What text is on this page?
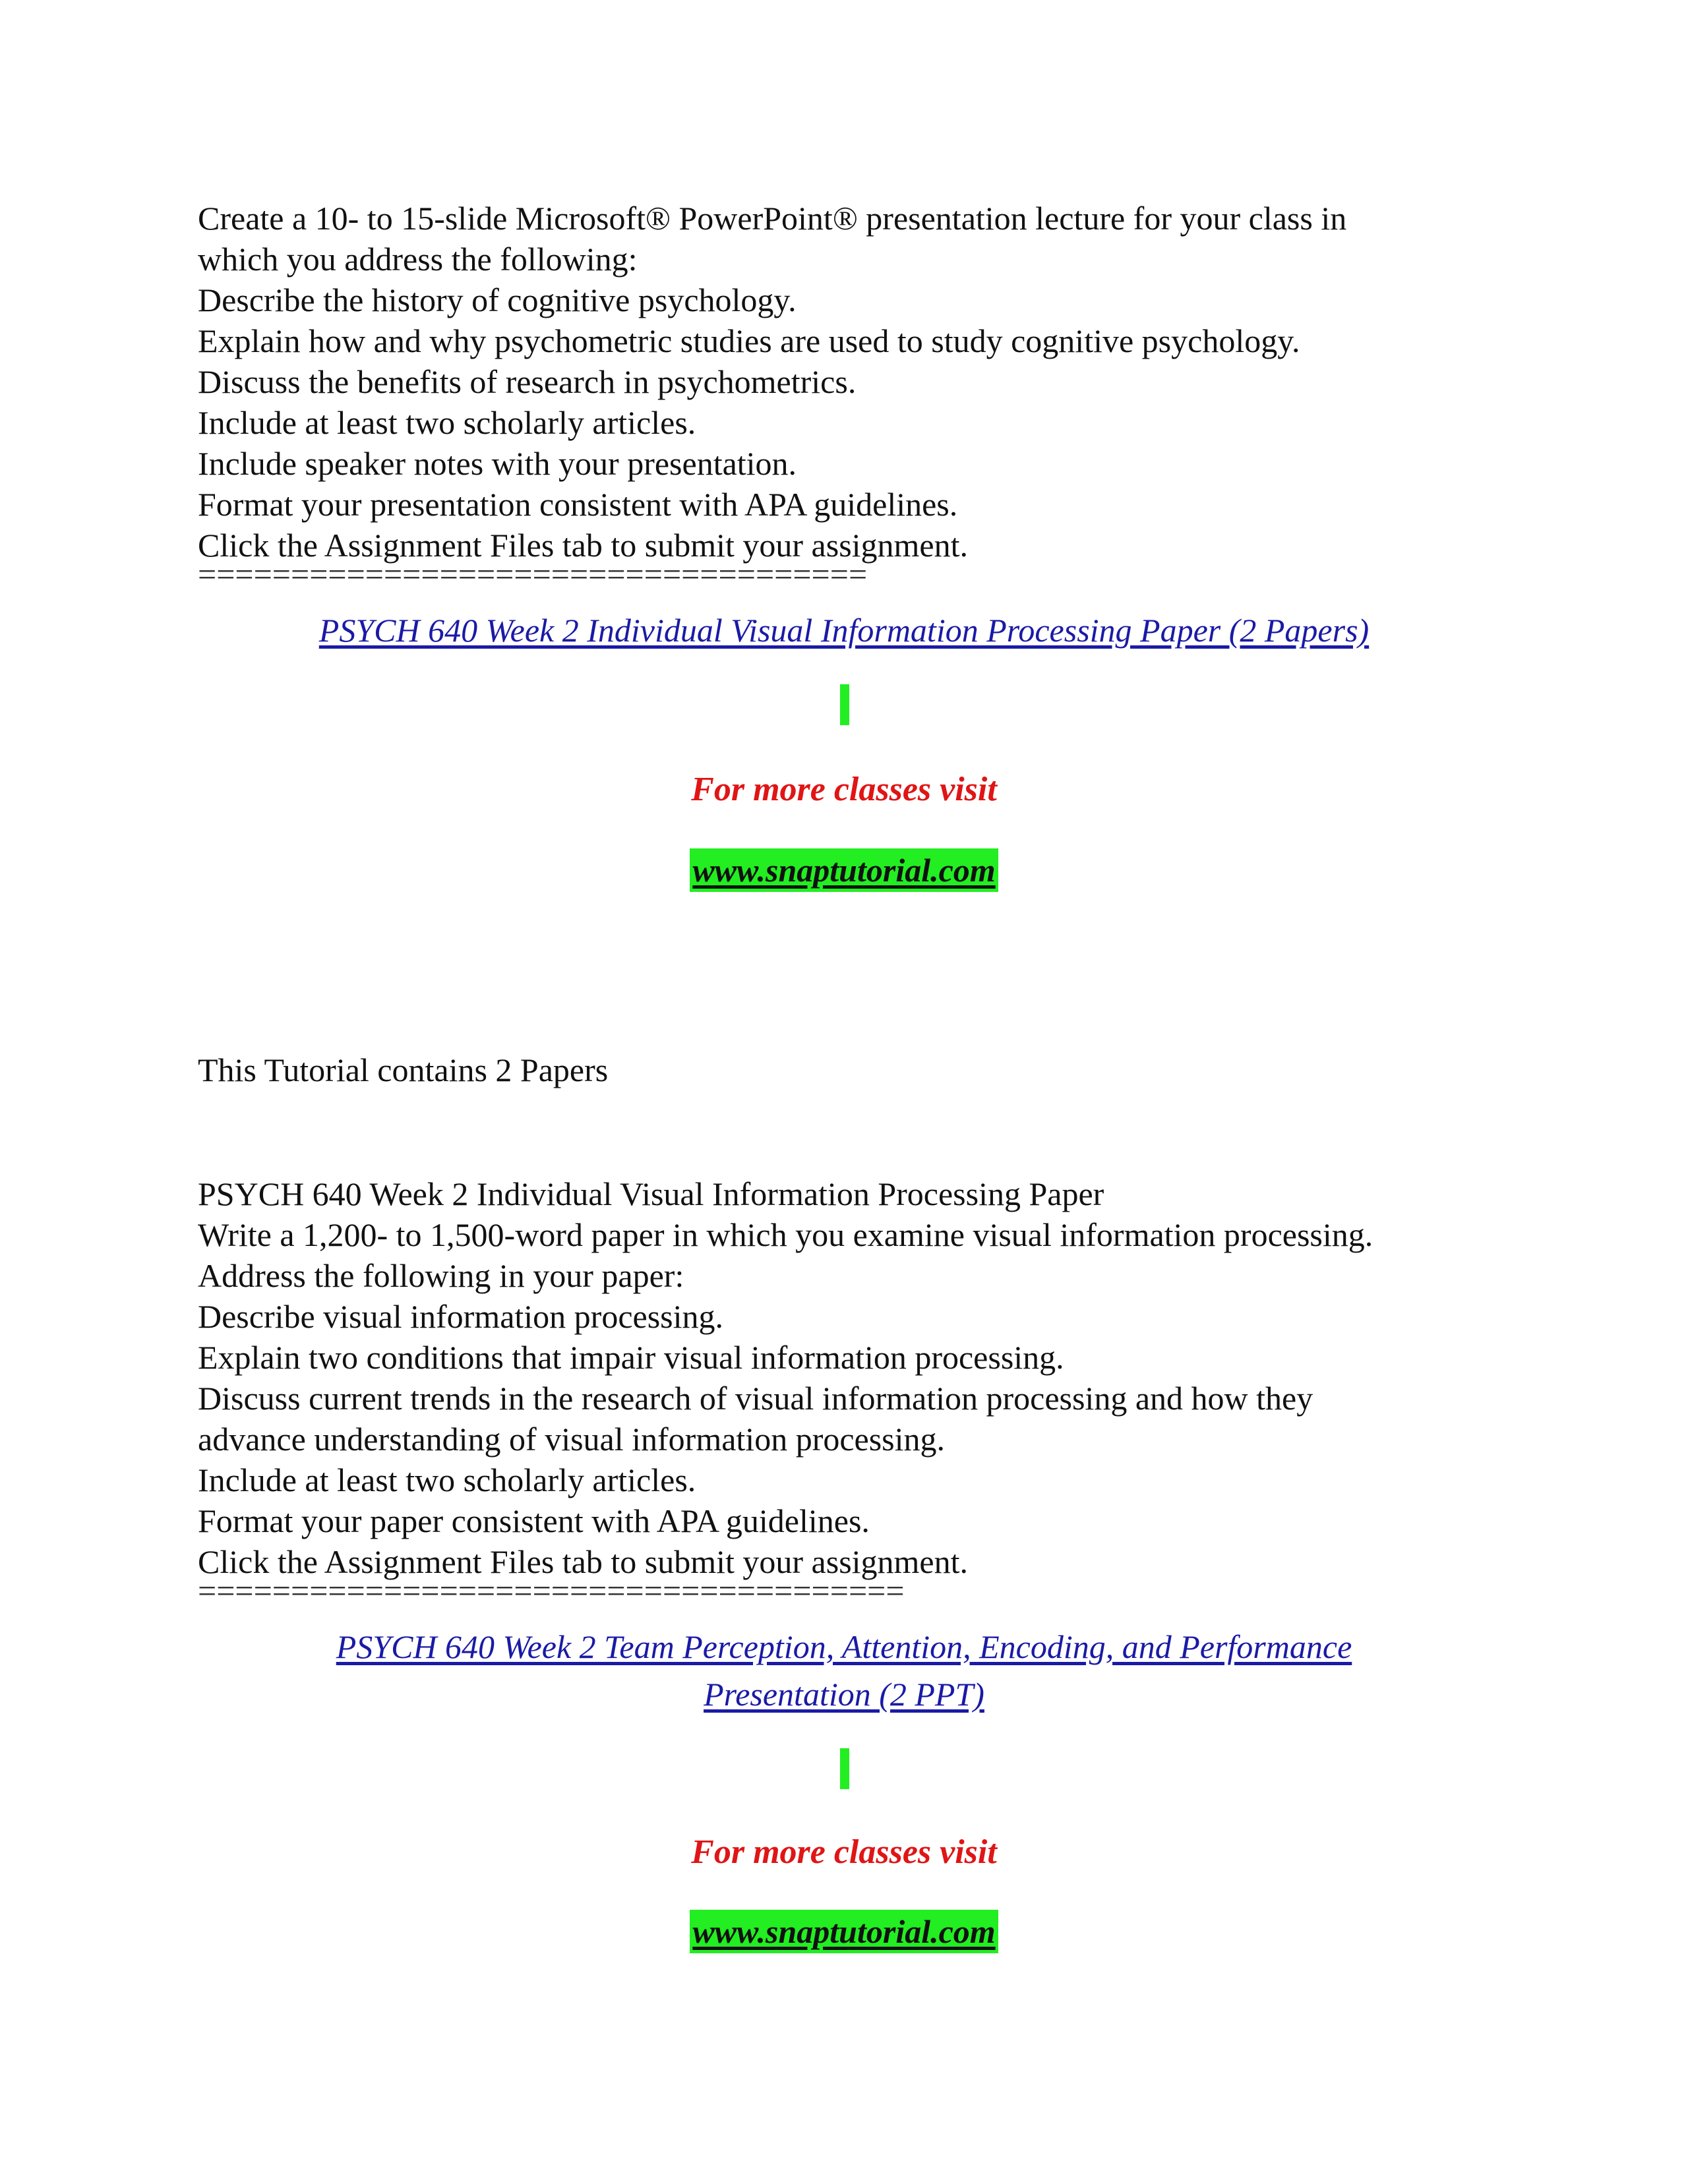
Create a 10- to 15-slide Microsoft® PowerPoint® presentation lecture for your class in
which you address the following:
Describe the history of cognitive psychology.
Explain how and why psychometric studies are used to study cognitive psychology.
Discuss the benefits of research in psychometrics.
Include at least two scholarly articles.
Include speaker notes with your presentation.
Format your presentation consistent with APA guidelines.
Click the Assignment Files tab to submit your assignment.
====================================
PSYCH 640 Week 2 Individual Visual Information Processing Paper (2 Papers)
For more classes visit
www.snaptutorial.com
This Tutorial contains 2 Papers
PSYCH 640 Week 2 Individual Visual Information Processing Paper
Write a 1,200- to 1,500-word paper in which you examine visual information processing.
Address the following in your paper:
Describe visual information processing.
Explain two conditions that impair visual information processing.
Discuss current trends in the research of visual information processing and how they
advance understanding of visual information processing.
Include at least two scholarly articles.
Format your paper consistent with APA guidelines.
Click the Assignment Files tab to submit your assignment.
======================================
PSYCH 640 Week 2 Team Perception, Attention, Encoding, and Performance
Presentation (2 PPT)
For more classes visit
www.snaptutorial.com
